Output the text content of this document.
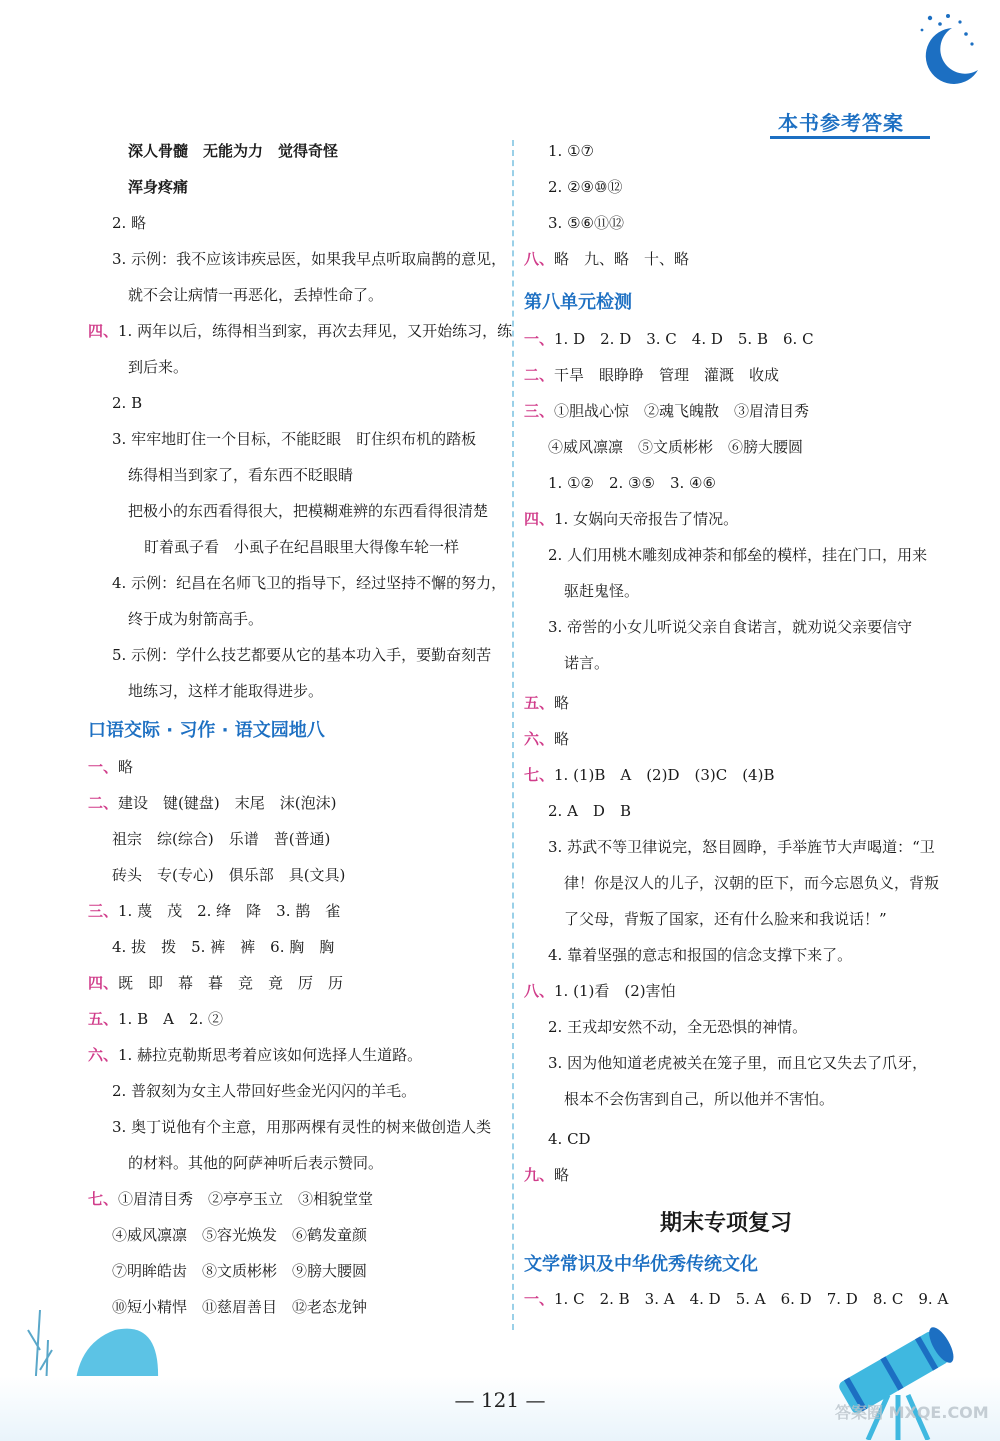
本书参考答案
深人骨髓　无能为力　觉得奇怪
浑身疼痛
2. 略
3. 示例：我不应该讳疾忌医，如果我早点听取扁鹊的意见，
就不会让病情一再恶化，丢掉性命了。
四、1. 两年以后，练得相当到家，再次去拜见，又开始练习，练
到后来。
2. B
3. 牢牢地盯住一个目标，不能眨眼　盯住织布机的踏板
练得相当到家了，看东西不眨眼睛
把极小的东西看得很大，把模糊难辨的东西看得很清楚
盯着虱子看　小虱子在纪昌眼里大得像车轮一样
4. 示例：纪昌在名师飞卫的指导下，经过坚持不懈的努力，
终于成为射箭高手。
5. 示例：学什么技艺都要从它的基本功入手，要勤奋刻苦
地练习，这样才能取得进步。
一、略
二、建设　键(键盘)　末尾　沫(泡沫)
祖宗　综(综合)　乐谱　普(普通)
砖头　专(专心)　俱乐部　具(文具)
三、1. 蔑　茂　2. 绛　降　3. 鹊　雀
4. 拔　拨　5. 裤　裤　6. 胸　胸
四、既　即　幕　暮　竞　竟　厉　历
五、1. B　A　2. ②
六、1. 赫拉克勒斯思考着应该如何选择人生道路。
2. 普叙刻为女主人带回好些金光闪闪的羊毛。
3. 奥丁说他有个主意，用那两棵有灵性的树来做创造人类
的材料。其他的阿萨神听后表示赞同。
七、①眉清目秀　②亭亭玉立　③相貌堂堂
④威风凛凛　⑤容光焕发　⑥鹤发童颜
⑦明眸皓齿　⑧文质彬彬　⑨膀大腰圆
⑩短小精悍　⑪慈眉善目　⑫老态龙钟
口语交际 · 习作 · 语文园地八
1. ①⑦
2. ②⑨⑩⑫
3. ⑤⑥⑪⑫
八、略　九、略　十、略
一、1. D　2. D　3. C　4. D　5. B　6. C
二、干旱　眼睁睁　管理　灌溉　收成
三、①胆战心惊　②魂飞魄散　③眉清目秀
④威风凛凛　⑤文质彬彬　⑥膀大腰圆
1. ①②　2. ③⑤　3. ④⑥
四、1. 女娲向天帝报告了情况。
2. 人们用桃木雕刻成神荼和郁垒的模样，挂在门口，用来
驱赶鬼怪。
3. 帝喾的小女儿听说父亲自食诺言，就劝说父亲要信守
诺言。
五、略
六、略
七、1. (1)B　A　(2)D　(3)C　(4)B
2. A　D　B
3. 苏武不等卫律说完，怒目圆睁，手举旌节大声喝道：“卫
律！你是汉人的儿子，汉朝的臣下，而今忘恩负义，背叛
了父母，背叛了国家，还有什么脸来和我说话！”
4. 靠着坚强的意志和报国的信念支撑下来了。
八、1. (1)看　(2)害怕
2. 王戎却安然不动，全无恐惧的神情。
3. 因为他知道老虎被关在笼子里，而且它又失去了爪牙，
根本不会伤害到自己，所以他并不害怕。
4. CD
九、略
一、1. C　2. B　3. A　4. D　5. A　6. D　7. D　8. C　9. A
第八单元检测
期末专项复习
文学常识及中华优秀传统文化
— 121 —
答案圈 MXQE.COM
